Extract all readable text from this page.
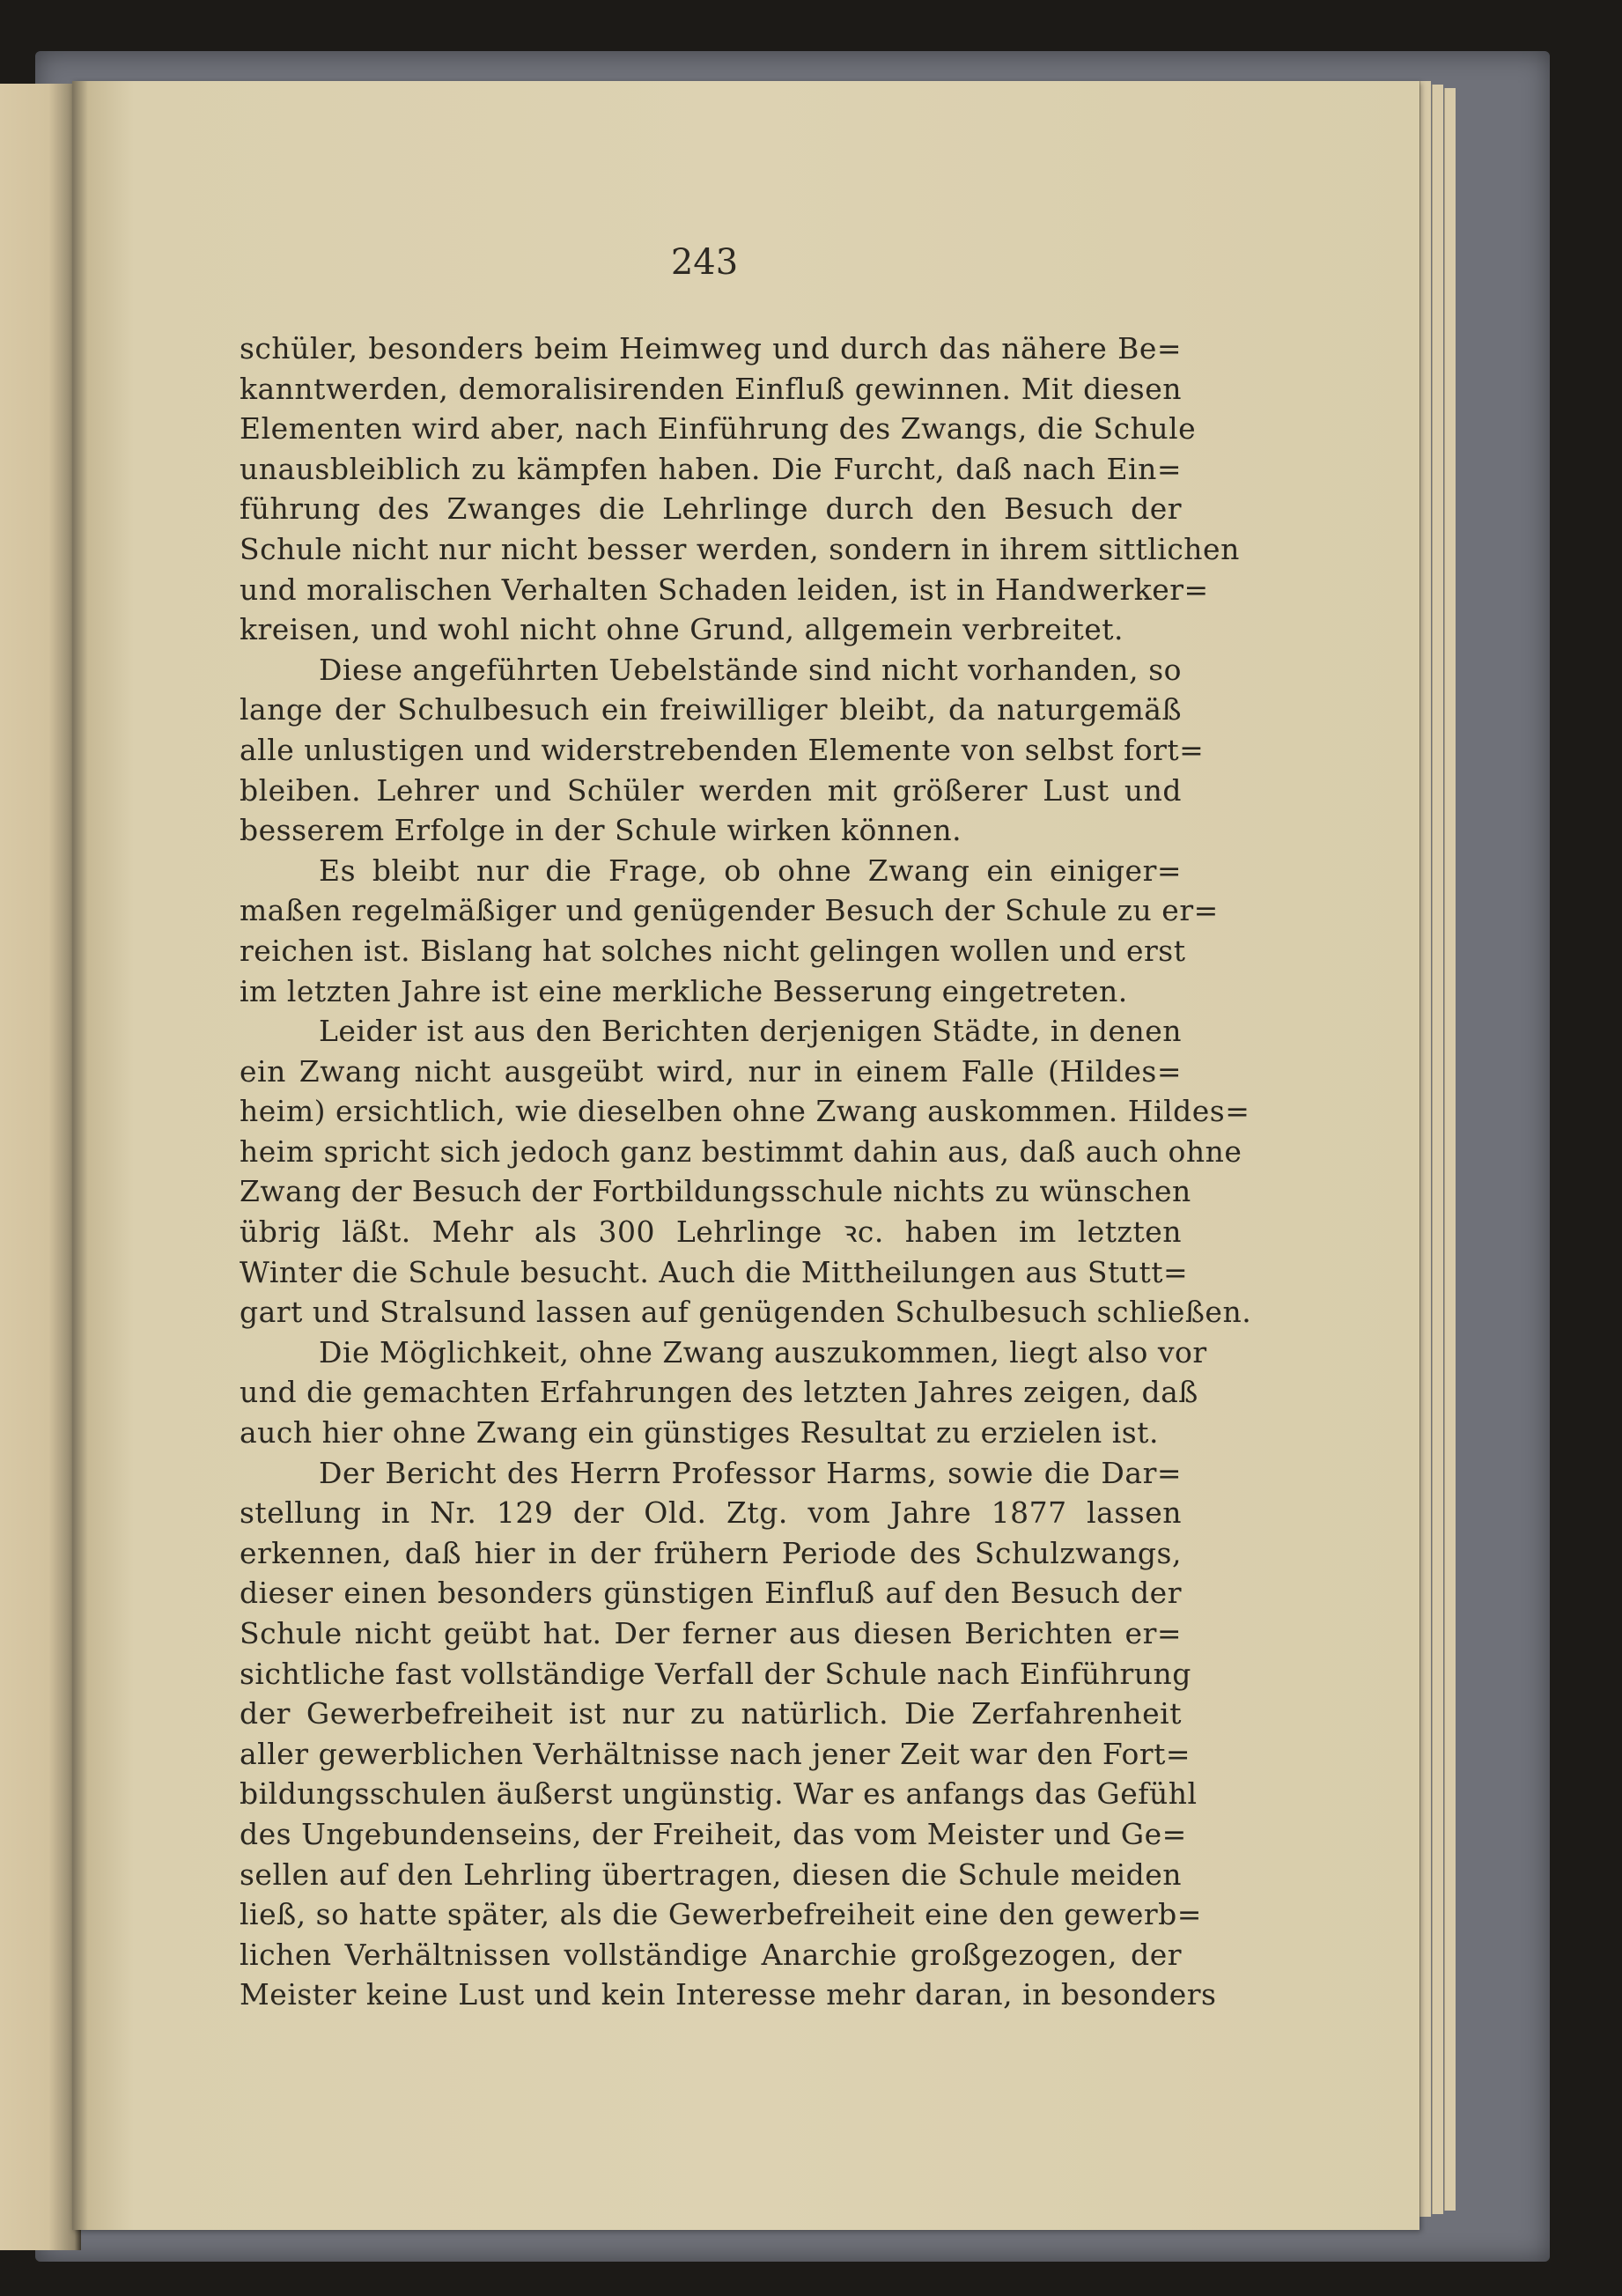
243
schüler, besonders beim Heimweg und durch das nähere Be=
kanntwerden, demoralisirenden Einfluß gewinnen. Mit diesen
Elementen wird aber, nach Einführung des Zwangs, die Schule
unausbleiblich zu kämpfen haben. Die Furcht, daß nach Ein=
führung des Zwanges die Lehrlinge durch den Besuch der
Schule nicht nur nicht besser werden, sondern in ihrem sittlichen
und moralischen Verhalten Schaden leiden, ist in Handwerker=
kreisen, und wohl nicht ohne Grund, allgemein verbreitet.
Diese angeführten Uebelstände sind nicht vorhanden, so
lange der Schulbesuch ein freiwilliger bleibt, da naturgemäß
alle unlustigen und widerstrebenden Elemente von selbst fort=
bleiben. Lehrer und Schüler werden mit größerer Lust und
besserem Erfolge in der Schule wirken können.
Es bleibt nur die Frage, ob ohne Zwang ein einiger=
maßen regelmäßiger und genügender Besuch der Schule zu er=
reichen ist. Bislang hat solches nicht gelingen wollen und erst
im letzten Jahre ist eine merkliche Besserung eingetreten.
Leider ist aus den Berichten derjenigen Städte, in denen
ein Zwang nicht ausgeübt wird, nur in einem Falle (Hildes=
heim) ersichtlich, wie dieselben ohne Zwang auskommen. Hildes=
heim spricht sich jedoch ganz bestimmt dahin aus, daß auch ohne
Zwang der Besuch der Fortbildungsschule nichts zu wünschen
übrig läßt. Mehr als 300 Lehrlinge ꝛc. haben im letzten
Winter die Schule besucht. Auch die Mittheilungen aus Stutt=
gart und Stralsund lassen auf genügenden Schulbesuch schließen.
Die Möglichkeit, ohne Zwang auszukommen, liegt also vor
und die gemachten Erfahrungen des letzten Jahres zeigen, daß
auch hier ohne Zwang ein günstiges Resultat zu erzielen ist.
Der Bericht des Herrn Professor Harms, sowie die Dar=
stellung in Nr. 129 der Old. Ztg. vom Jahre 1877 lassen
erkennen, daß hier in der frühern Periode des Schulzwangs,
dieser einen besonders günstigen Einfluß auf den Besuch der
Schule nicht geübt hat. Der ferner aus diesen Berichten er=
sichtliche fast vollständige Verfall der Schule nach Einführung
der Gewerbefreiheit ist nur zu natürlich. Die Zerfahrenheit
aller gewerblichen Verhältnisse nach jener Zeit war den Fort=
bildungsschulen äußerst ungünstig. War es anfangs das Gefühl
des Ungebundenseins, der Freiheit, das vom Meister und Ge=
sellen auf den Lehrling übertragen, diesen die Schule meiden
ließ, so hatte später, als die Gewerbefreiheit eine den gewerb=
lichen Verhältnissen vollständige Anarchie großgezogen, der
Meister keine Lust und kein Interesse mehr daran, in besonders
